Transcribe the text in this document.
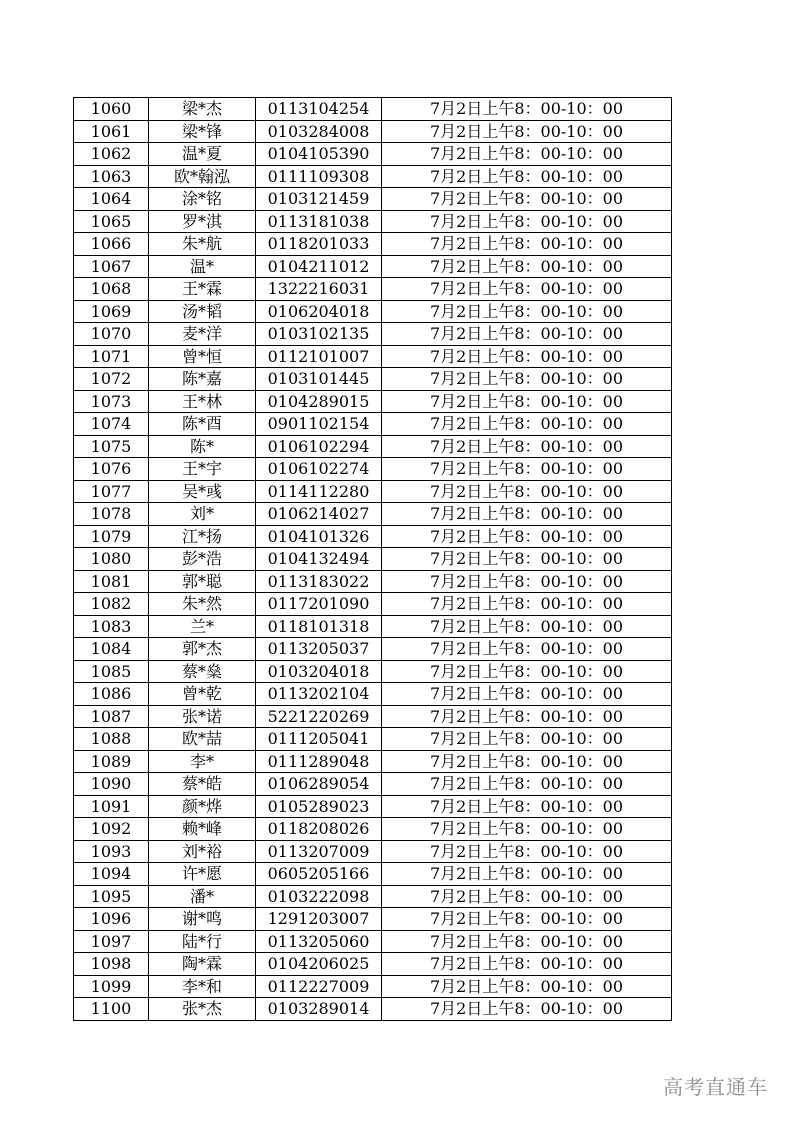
1060	梁*杰	0113104254	7月2日上午8：00-10：00
1061	梁*锋	0103284008	7月2日上午8：00-10：00
1062	温*夏	0104105390	7月2日上午8：00-10：00
1063	欧*翰泓	0111109308	7月2日上午8：00-10：00
1064	涂*铭	0103121459	7月2日上午8：00-10：00
1065	罗*淇	0113181038	7月2日上午8：00-10：00
1066	朱*航	0118201033	7月2日上午8：00-10：00
1067	温*	0104211012	7月2日上午8：00-10：00
1068	王*霖	1322216031	7月2日上午8：00-10：00
1069	汤*韬	0106204018	7月2日上午8：00-10：00
1070	麦*洋	0103102135	7月2日上午8：00-10：00
1071	曾*恒	0112101007	7月2日上午8：00-10：00
1072	陈*嘉	0103101445	7月2日上午8：00-10：00
1073	王*林	0104289015	7月2日上午8：00-10：00
1074	陈*酉	0901102154	7月2日上午8：00-10：00
1075	陈*	0106102294	7月2日上午8：00-10：00
1076	王*宇	0106102274	7月2日上午8：00-10：00
1077	吴*彧	0114112280	7月2日上午8：00-10：00
1078	刘*	0106214027	7月2日上午8：00-10：00
1079	江*扬	0104101326	7月2日上午8：00-10：00
1080	彭*浩	0104132494	7月2日上午8：00-10：00
1081	郭*聪	0113183022	7月2日上午8：00-10：00
1082	朱*然	0117201090	7月2日上午8：00-10：00
1083	兰*	0118101318	7月2日上午8：00-10：00
1084	郭*杰	0113205037	7月2日上午8：00-10：00
1085	蔡*燊	0103204018	7月2日上午8：00-10：00
1086	曾*乾	0113202104	7月2日上午8：00-10：00
1087	张*诺	5221220269	7月2日上午8：00-10：00
1088	欧*喆	0111205041	7月2日上午8：00-10：00
1089	李*	0111289048	7月2日上午8：00-10：00
1090	蔡*皓	0106289054	7月2日上午8：00-10：00
1091	颜*烨	0105289023	7月2日上午8：00-10：00
1092	赖*峰	0118208026	7月2日上午8：00-10：00
1093	刘*裕	0113207009	7月2日上午8：00-10：00
1094	许*愿	0605205166	7月2日上午8：00-10：00
1095	潘*	0103222098	7月2日上午8：00-10：00
1096	谢*鸣	1291203007	7月2日上午8：00-10：00
1097	陆*行	0113205060	7月2日上午8：00-10：00
1098	陶*霖	0104206025	7月2日上午8：00-10：00
1099	李*和	0112227009	7月2日上午8：00-10：00
1100	张*杰	0103289014	7月2日上午8：00-10：00
高考直通车
